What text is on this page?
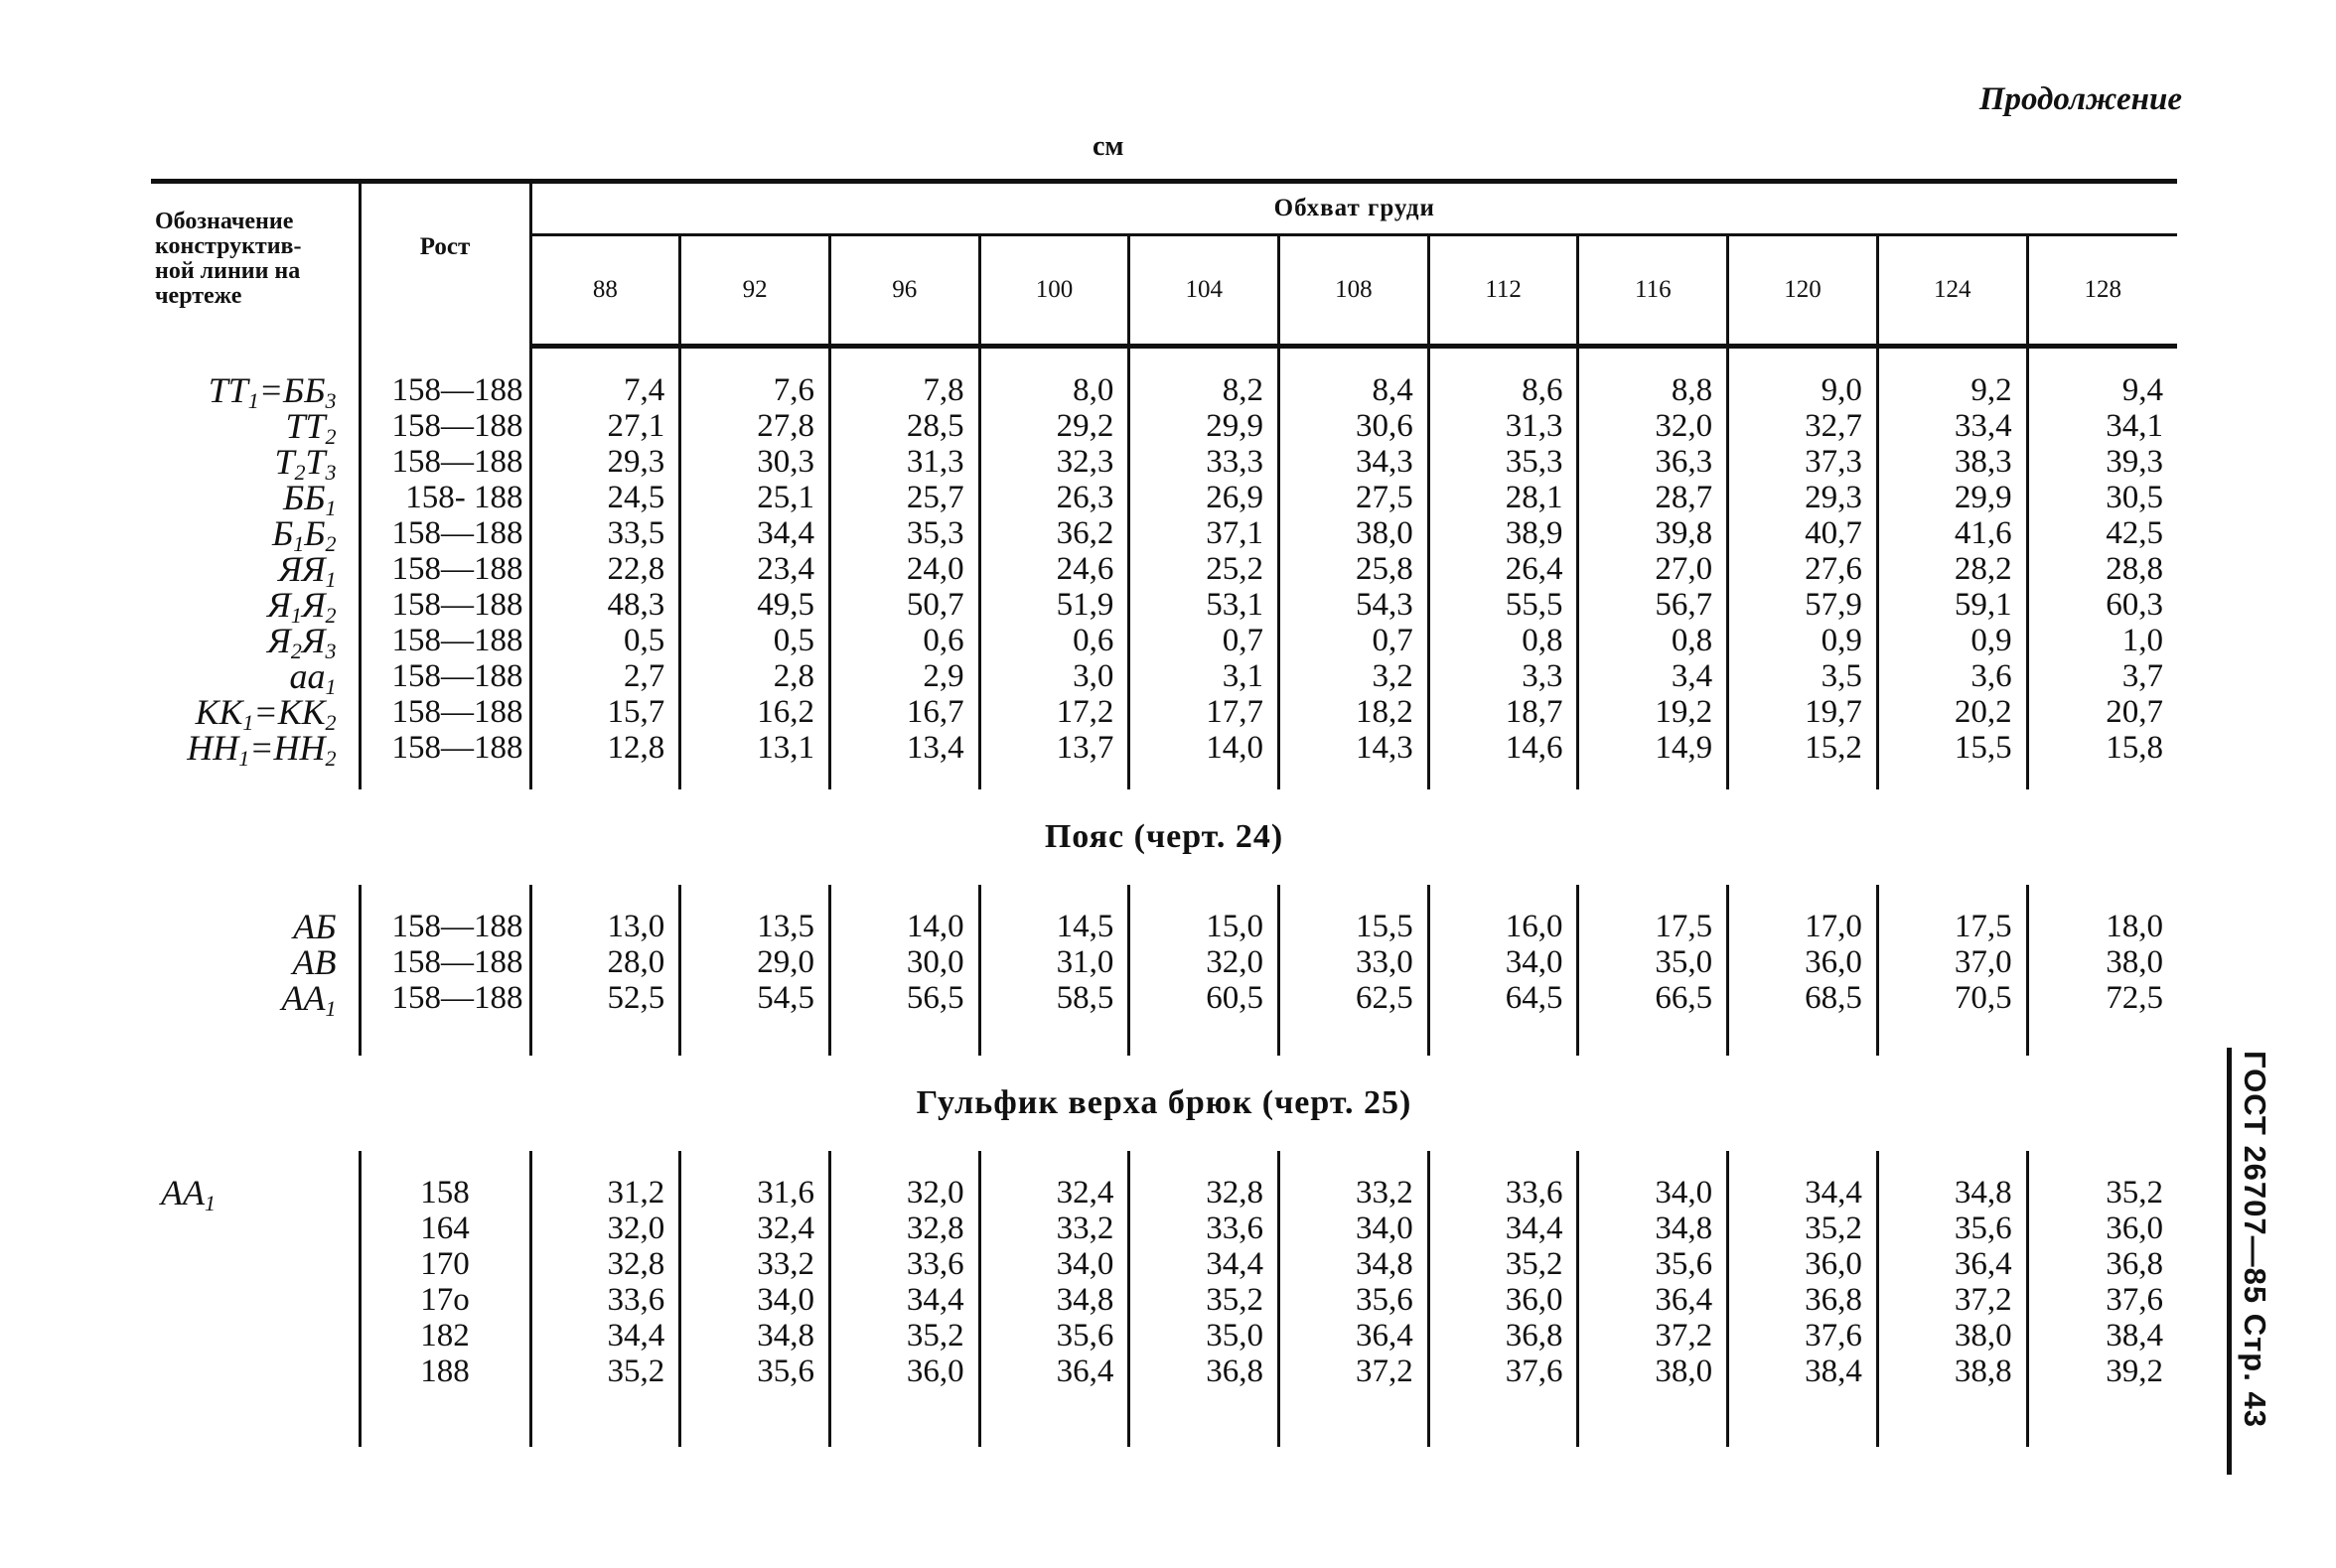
Продолжение
см
Обозначение
конструктив-
ной линии на
чертеже	Рост	Обхват груди										
		88	92	96	100	104	108	112	116	120	124	128

$ТТ_1=ББ_3$	158—188	7,4	7,6	7,8	8,0	8,2	8,4	8,6	8,8	9,0	9,2	9,4
$ТТ_2$	158—188	27,1	27,8	28,5	29,2	29,9	30,6	31,3	32,0	32,7	33,4	34,1
$Т_2Т_3$	158—188	29,3	30,3	31,3	32,3	33,3	34,3	35,3	36,3	37,3	38,3	39,3
$ББ_1$	158- 188	24,5	25,1	25,7	26,3	26,9	27,5	28,1	28,7	29,3	29,9	30,5
$Б_1Б_2$	158—188	33,5	34,4	35,3	36,2	37,1	38,0	38,9	39,8	40,7	41,6	42,5
$ЯЯ_1$	158—188	22,8	23,4	24,0	24,6	25,2	25,8	26,4	27,0	27,6	28,2	28,8
$Я_1Я_2$	158—188	48,3	49,5	50,7	51,9	53,1	54,3	55,5	56,7	57,9	59,1	60,3
$Я_2Я_3$	158—188	0,5	0,5	0,6	0,6	0,7	0,7	0,8	0,8	0,9	0,9	1,0
$аа_1$	158—188	2,7	2,8	2,9	3,0	3,1	3,2	3,3	3,4	3,5	3,6	3,7
$КК_1=КК_2$	158—188	15,7	16,2	16,7	17,2	17,7	18,2	18,7	19,2	19,7	20,2	20,7
$НН_1=НН_2$	158—188	12,8	13,1	13,4	13,7	14,0	14,3	14,6	14,9	15,2	15,5	15,8

Пояс (черт. 24)												

АБ	158—188	13,0	13,5	14,0	14,5	15,0	15,5	16,0	17,5	17,0	17,5	18,0
АВ	158—188	28,0	29,0	30,0	31,0	32,0	33,0	34,0	35,0	36,0	37,0	38,0
$АА_1$	158—188	52,5	54,5	56,5	58,5	60,5	62,5	64,5	66,5	68,5	70,5	72,5

Гульфик верха брюк (черт. 25)												

$АА_1$	158	31,2	31,6	32,0	32,4	32,8	33,2	33,6	34,0	34,4	34,8	35,2
	164	32,0	32,4	32,8	33,2	33,6	34,0	34,4	34,8	35,2	35,6	36,0
	170	32,8	33,2	33,6	34,0	34,4	34,8	35,2	35,6	36,0	36,4	36,8
	17о	33,6	34,0	34,4	34,8	35,2	35,6	36,0	36,4	36,8	37,2	37,6
	182	34,4	34,8	35,2	35,6	35,0	36,4	36,8	37,2	37,6	38,0	38,4
	188	35,2	35,6	36,0	36,4	36,8	37,2	37,6	38,0	38,4	38,8	39,2
												ГОСТ 26707—85 Стр. 43
